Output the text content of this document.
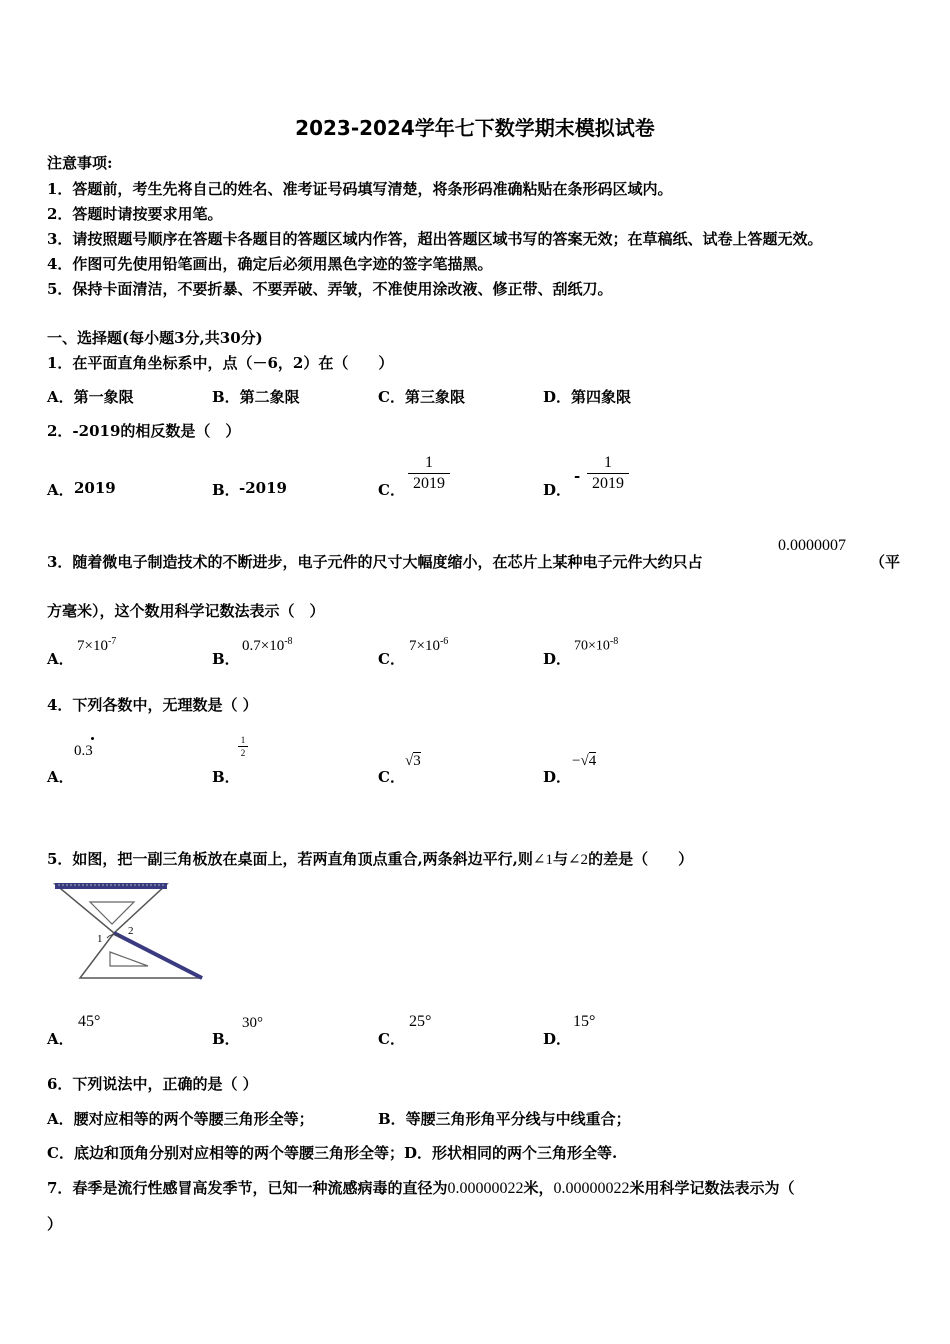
2023-2024学年七下数学期末模拟试卷
注意事项:
1．答题前，考生先将自己的姓名、准考证号码填写清楚，将条形码准确粘贴在条形码区域内。
2．答题时请按要求用笔。
3．请按照题号顺序在答题卡各题目的答题区域内作答，超出答题区域书写的答案无效；在草稿纸、试卷上答题无效。
4．作图可先使用铅笔画出，确定后必须用黑色字迹的签字笔描黑。
5．保持卡面清洁，不要折暴、不要弄破、弄皱，不准使用涂改液、修正带、刮纸刀。
一、选择题(每小题3分,共30分)
1．在平面直角坐标系中，点（－6，2）在（　　）
A．第一象限	B．第二象限	C．第三象限	D．第四象限
2．-2019的相反数是（　）
A． 2019	B． -2019	C． $\frac{1}{2019}$	D．
- $\frac{1}{2019}$
3．随着微电子制造技术的不断进步，电子元件的尺寸大幅度缩小，在芯片上某种电子元件大约只占
0.0000007
（平
方毫米），这个数用科学记数法表示（　）
A．
$7\times 10^{-7}$
B．
$0.7\times 10^{-8}$
C．
$7\times 10^{-6}$
D．
$70\times 10^{-8}$
4．下列各数中，无理数是（ ）
A．
0.3
B．
$\frac{1}{2}$
C．
√3
D．
−√4
5．如图，把一副三角板放在桌面上，若两直角顶点重合,两条斜边平行,则∠1与∠2的差是（　　）
1
2
A．
45°
B．
30°
C．
25°
D．
15°
6．下列说法中，正确的是（ ）
A．腰对应相等的两个等腰三角形全等；	B．等腰三角形角平分线与中线重合；
C．底边和顶角分别对应相等的两个等腰三角形全等；D．形状相同的两个三角形全等.
7．春季是流行性感冒高发季节，已知一种流感病毒的直径为0.00000022米，0.00000022米用科学记数法表示为（
）
